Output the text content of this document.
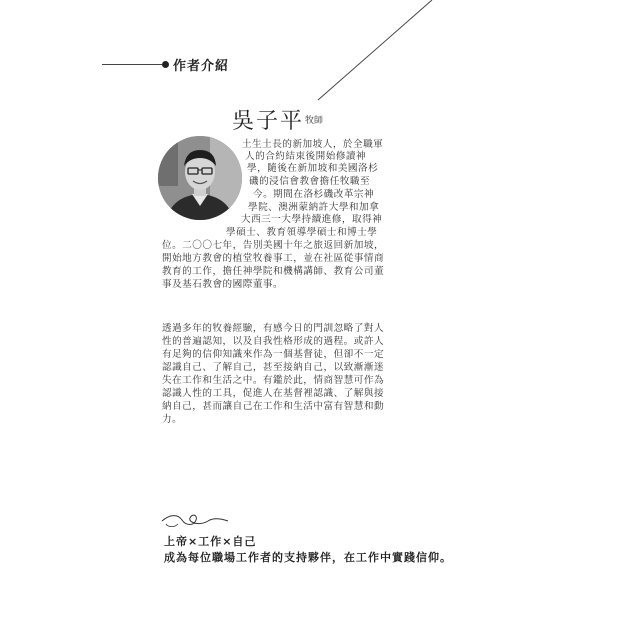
作者介紹
吳子平 牧師
土生土長的新加坡人，於全職軍
人的合約結束後開始修讀神
學，隨後在新加坡和美國洛杉
磯的浸信會教會擔任牧職至
今。期間在洛杉磯改革宗神
學院、澳洲蒙納許大學和加拿
大西三一大學持續進修，取得神
學碩士、教育領導學碩士和博士學
位。二〇〇七年，告別美國十年之旅返回新加坡，
開始地方教會的植堂牧養事工，並在社區從事情商
教育的工作，擔任神學院和機構講師、教育公司董
事及基石教會的國際董事。
透過多年的牧養經驗，有感今日的門訓忽略了對人
性的普遍認知，以及自我性格形成的過程。或許人
有足夠的信仰知識來作為一個基督徒，但卻不一定
認識自己、了解自己，甚至接納自己，以致漸漸迷
失在工作和生活之中。有鑑於此，情商智慧可作為
認識人性的工具，促進人在基督裡認識、了解與接
納自己，甚而讓自己在工作和生活中富有智慧和動
力。
上帝×工作×自己
成為每位職場工作者的支持夥伴，在工作中實踐信仰。
